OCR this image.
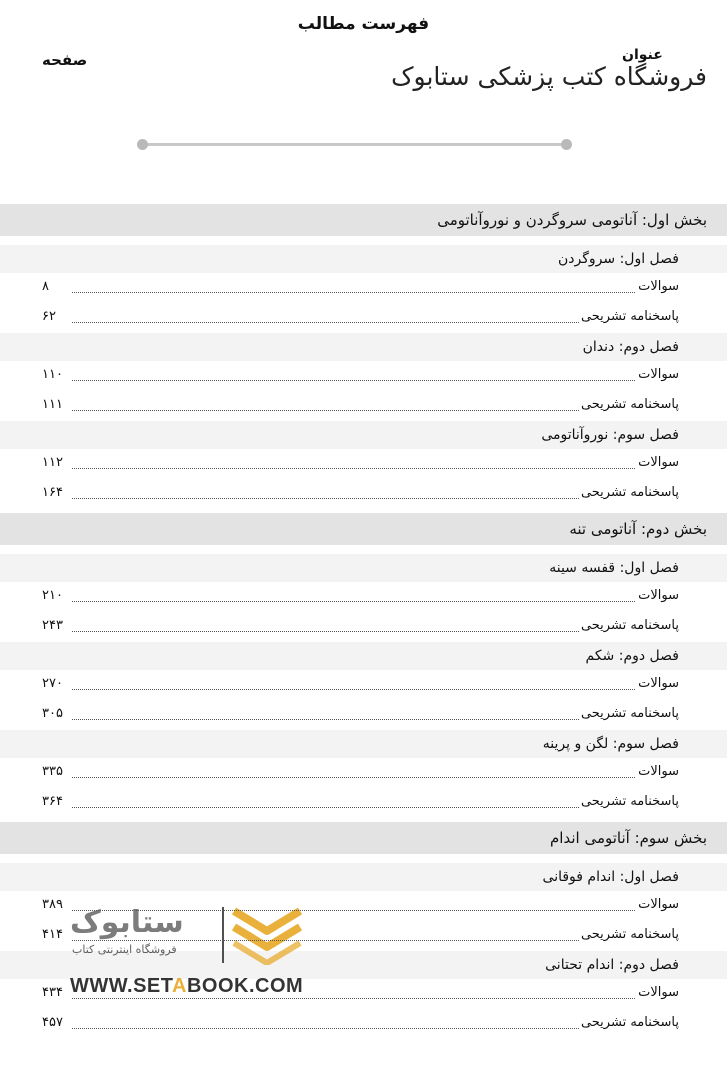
فهرست مطالب
صفحه	عنوان
فروشگاه کتب پزشکی ستابوک
بخش اول: آناتومی سروگردن و نوروآناتومی
فصل اول: سروگردن
سوالات
۸
پاسخنامه تشریحی
۶۲
فصل دوم: دندان
سوالات
۱۱۰
پاسخنامه تشریحی
۱۱۱
فصل سوم: نوروآناتومی
سوالات
۱۱۲
پاسخنامه تشریحی
۱۶۴
بخش دوم: آناتومی تنه
فصل اول: قفسه سینه
سوالات
۲۱۰
پاسخنامه تشریحی
۲۴۳
فصل دوم: شکم
سوالات
۲۷۰
پاسخنامه تشریحی
۳۰۵
فصل سوم: لگن و پرینه
سوالات
۳۳۵
پاسخنامه تشریحی
۳۶۴
بخش سوم: آناتومی اندام
فصل اول: اندام فوقانی
سوالات
۳۸۹
پاسخنامه تشریحی
۴۱۴
فصل دوم: اندام تحتانی
سوالات
۴۳۴
پاسخنامه تشریحی
۴۵۷
ستابوک
فروشگاه اینترنتی کتاب
WWW.SETABOOK.COM
